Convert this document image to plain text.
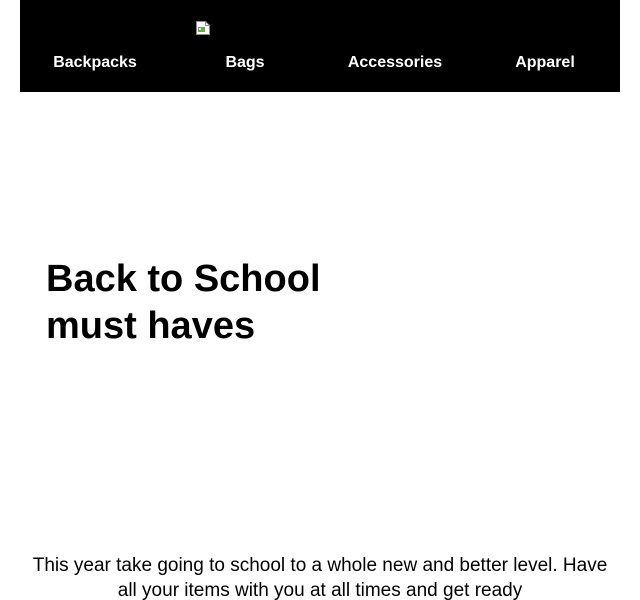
Backpacks	Bags	Accessories	Apparel
Back to School
must haves

This year take going to school to a whole new and better level. Have all your items with you at all times and get ready
